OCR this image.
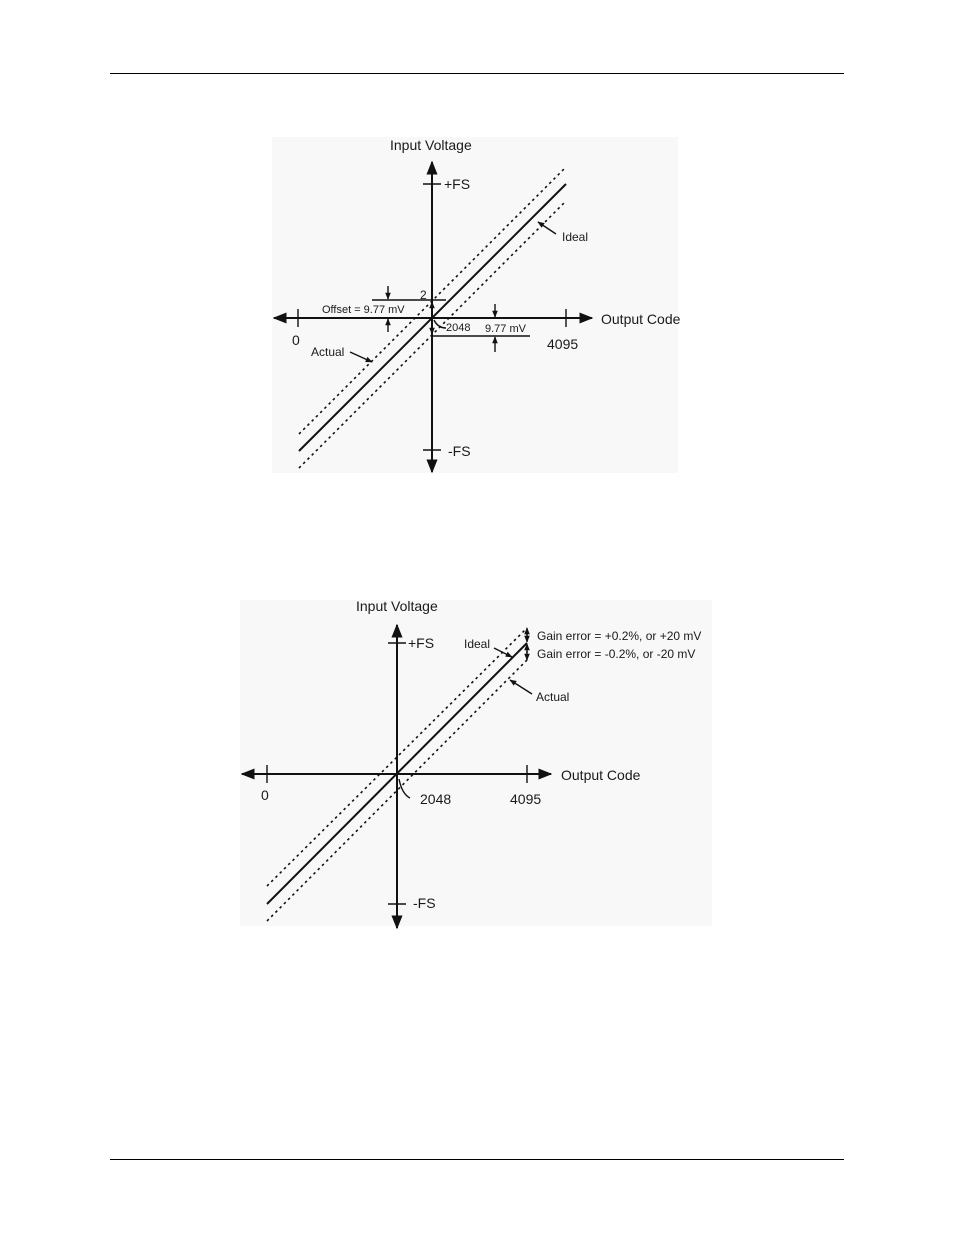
Input Voltage
+FS
-FS
Output Code
0	4095
2048
2
Offset = 9.77 mV
9.77 mV
Ideal
Actual
Input Voltage
+FS
-FS
Output Code
0	4095
2048
Ideal
Actual
Gain error = +0.2%, or +20 mV
Gain error = -0.2%, or -20 mV
